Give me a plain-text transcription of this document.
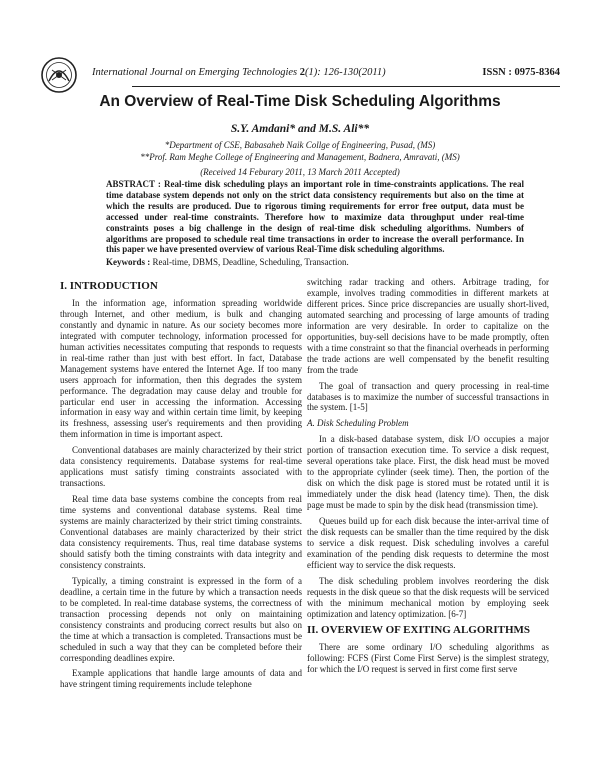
International Journal on Emerging Technologies 2(1): 126-130(2011)	ISSN : 0975-8364
An Overview of Real-Time Disk Scheduling Algorithms
S.Y. Amdani* and M.S. Ali**
*Department of CSE, Babasaheb Naik Collge of Engineering, Pusad, (MS)
**Prof. Ram Meghe College of Engineering and Management, Badnera, Amravati, (MS)
(Received 14 Feburary 2011, 13 March 2011 Accepted)
ABSTRACT : Real-time disk scheduling plays an important role in time-constraints applications. The real time database system depends not only on the strict data consistency requirements but also on the time at which the results are produced. Due to rigorous timing requirements for error free output, data must be accessed under real-time constraints. Therefore how to maximize data throughput under real-time constraints poses a big challenge in the design of real-time disk scheduling algorithms. Numbers of algorithms are proposed to schedule real time transactions in order to increase the overall performance. In this paper we have presented overview of various Real-Time disk scheduling algorithms.
Keywords : Real-time, DBMS, Deadline, Scheduling, Transaction.
I. INTRODUCTION

In the information age, information spreading worldwide through Internet, and other medium, is bulk and changing constantly and dynamic in nature. As our society becomes more integrated with computer technology, information processed for human activities necessitates computing that responds to requests in real-time rather than just with best effort. In fact, Database Management systems have entered the Internet Age. If too many users approach for information, then this degrades the system performance. The degradation may cause delay and trouble for particular end user in accessing the information. Accessing information in easy way and within certain time limit, by keeping its freshness, assessing user's requirements and then providing them information in time is important aspect.

Conventional databases are mainly characterized by their strict data consistency requirements. Database systems for real-time applications must satisfy timing constraints associated with transactions.

Real time data base systems combine the concepts from real time systems and conventional database systems. Real time systems are mainly characterized by their strict timing constraints. Conventional databases are mainly characterized by their strict data consistency requirements. Thus, real time database systems should satisfy both the timing constraints with data integrity and consistency constraints.

Typically, a timing constraint is expressed in the form of a deadline, a certain time in the future by which a transaction needs to be completed. In real-time database systems, the correctness of transaction processing depends not only on maintaining consistency constraints and producing correct results but also on the time at which a transaction is completed. Transactions must be scheduled in such a way that they can be completed before their corresponding deadlines expire.

Example applications that handle large amounts of data and have stringent timing requirements include telephone

switching radar tracking and others. Arbitrage trading, for example, involves trading commodities in different markets at different prices. Since price discrepancies are usually short-lived, automated searching and processing of large amounts of trading information are very desirable. In order to capitalize on the opportunities, buy-sell decisions have to be made promptly, often with a time constraint so that the financial overheads in performing the trade actions are well compensated by the benefit resulting from the trade

The goal of transaction and query processing in real-time databases is to maximize the number of successful transactions in the system. [1-5]

A. Disk Scheduling Problem

In a disk-based database system, disk I/O occupies a major portion of transaction execution time. To service a disk request, several operations take place. First, the disk head must be moved to the appropriate cylinder (seek time). Then, the portion of the disk on which the disk page is stored must be rotated until it is immediately under the disk head (latency time). Then, the disk page must be made to spin by the disk head (transmission time).

Queues build up for each disk because the inter-arrival time of the disk requests can be smaller than the time required by the disk to service a disk request. Disk scheduling involves a careful examination of the pending disk requests to determine the most efficient way to service the disk requests.

The disk scheduling problem involves reordering the disk requests in the disk queue so that the disk requests will be serviced with the minimum mechanical motion by employing seek optimization and latency optimization. [6-7]

II. OVERVIEW OF EXITING ALGORITHMS

There are some ordinary I/O scheduling algorithms as following: FCFS (First Come First Serve) is the simplest strategy, for which the I/O request is served in first come first serve
